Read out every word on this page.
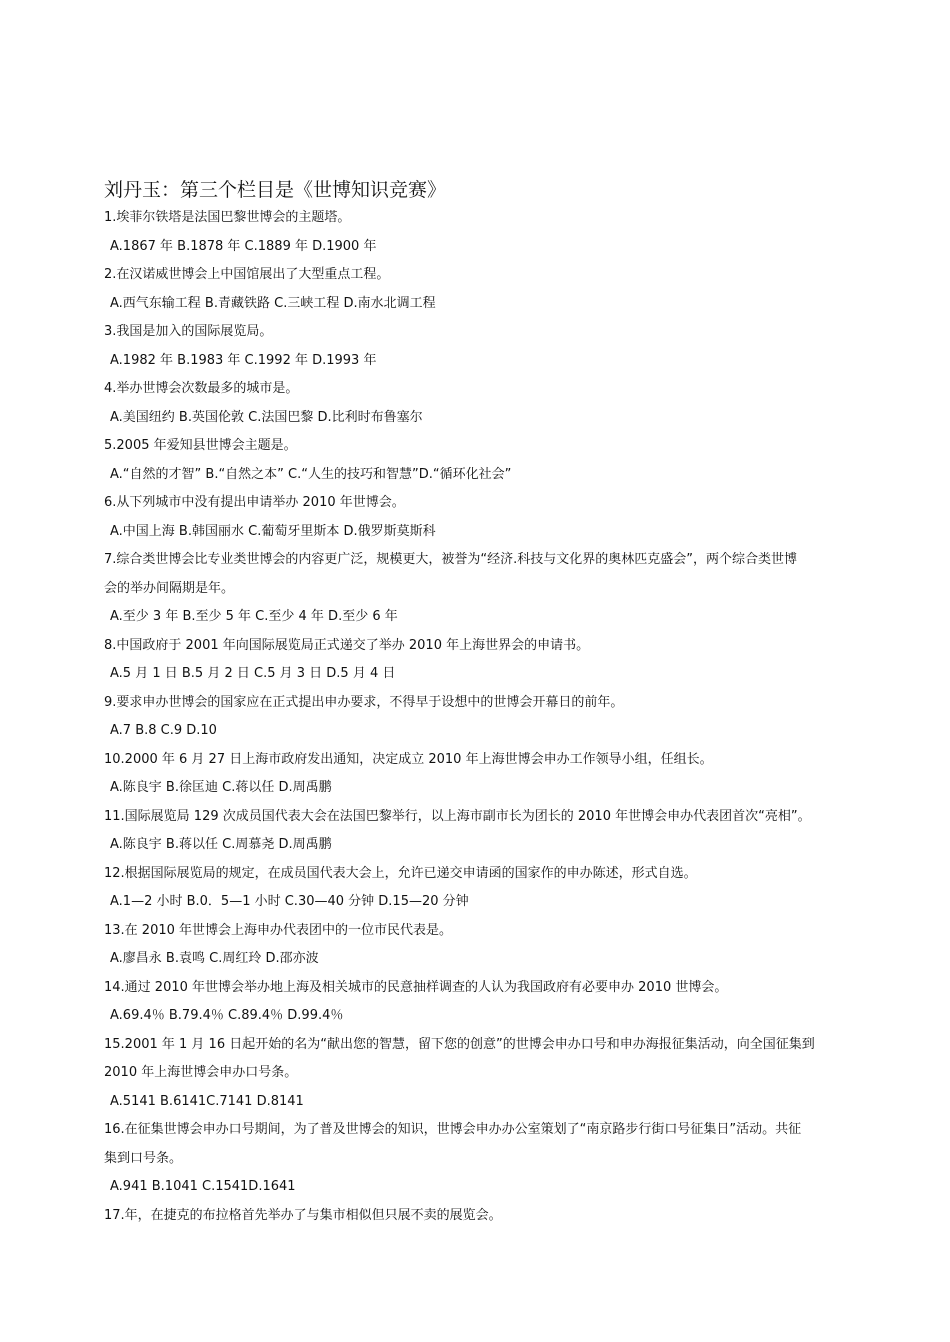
刘丹玉：第三个栏目是《世博知识竞赛》
1.埃菲尔铁塔是法国巴黎世博会的主题塔。
A.1867 年 B.1878 年 C.1889 年 D.1900 年
2.在汉诺威世博会上中国馆展出了大型重点工程。
A.西气东输工程 B.青藏铁路 C.三峡工程 D.南水北调工程
3.我国是加入的国际展览局。
A.1982 年 B.1983 年 C.1992 年 D.1993 年
4.举办世博会次数最多的城市是。
A.美国纽约 B.英国伦敦 C.法国巴黎 D.比利时布鲁塞尔
5.2005 年爱知县世博会主题是。
A.“自然的才智” B.“自然之本” C.“人生的技巧和智慧”D.“循环化社会”
6.从下列城市中没有提出申请举办 2010 年世博会。
A.中国上海 B.韩国丽水 C.葡萄牙里斯本 D.俄罗斯莫斯科
7.综合类世博会比专业类世博会的内容更广泛，规模更大，被誉为“经济.科技与文化界的奥林匹克盛会”，两个综合类世博
会的举办间隔期是年。
A.至少 3 年 B.至少 5 年 C.至少 4 年 D.至少 6 年
8.中国政府于 2001 年向国际展览局正式递交了举办 2010 年上海世界会的申请书。
A.5 月 1 日 B.5 月 2 日 C.5 月 3 日 D.5 月 4 日
9.要求申办世博会的国家应在正式提出申办要求，不得早于设想中的世博会开幕日的前年。
A.7 B.8 C.9 D.10
10.2000 年 6 月 27 日上海市政府发出通知，决定成立 2010 年上海世博会申办工作领导小组，任组长。
A.陈良宇 B.徐匡迪 C.蒋以任 D.周禹鹏
11.国际展览局 129 次成员国代表大会在法国巴黎举行，以上海市副市长为团长的 2010 年世博会申办代表团首次“亮相”。
A.陈良宇 B.蒋以任 C.周慕尧 D.周禹鹏
12.根据国际展览局的规定，在成员国代表大会上，允许已递交申请函的国家作的申办陈述，形式自选。
A.1—2 小时 B.0．5—1 小时 C.30—40 分钟 D.15—20 分钟
13.在 2010 年世博会上海申办代表团中的一位市民代表是。
A.廖昌永 B.袁鸣 C.周红玲 D.邵亦波
14.通过 2010 年世博会举办地上海及相关城市的民意抽样调查的人认为我国政府有必要申办 2010 世博会。
A.69.4％ B.79.4％ C.89.4％ D.99.4％
15.2001 年 1 月 16 日起开始的名为“献出您的智慧，留下您的创意”的世博会申办口号和申办海报征集活动，向全国征集到
2010 年上海世博会申办口号条。
A.5141 B.6141C.7141 D.8141
16.在征集世博会申办口号期间，为了普及世博会的知识，世博会申办办公室策划了“南京路步行街口号征集日”活动。共征
集到口号条。
A.941 B.1041 C.1541D.1641
17.年，在捷克的布拉格首先举办了与集市相似但只展不卖的展览会。
